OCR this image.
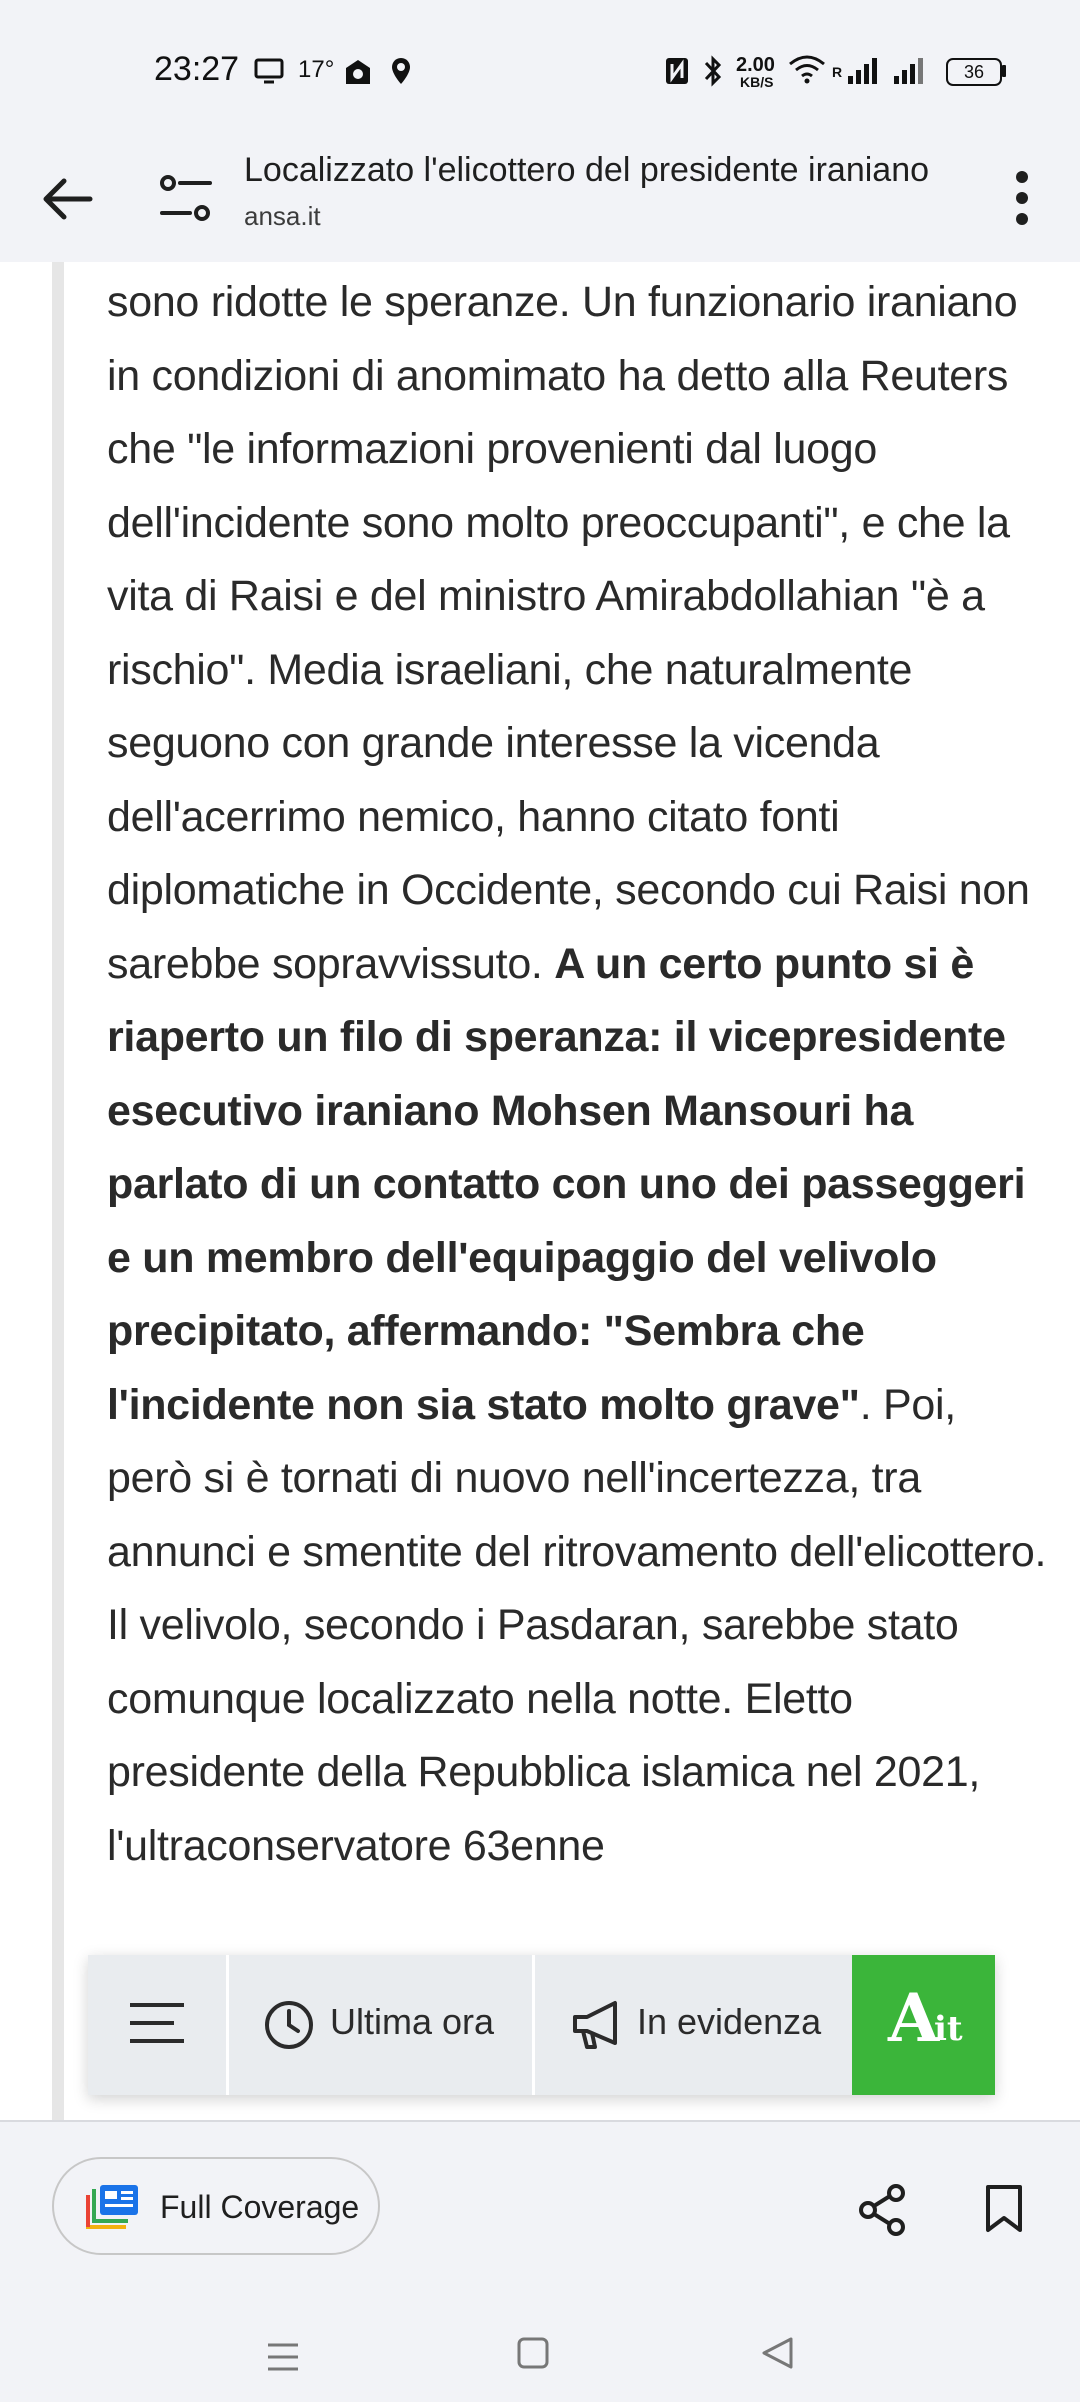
23:27 17°	2.00
KB/S
R	36
Localizzato l'elicottero del presidente iraniano
ansa.it
sono ridotte le speranze. Un funzionario iraniano in condizioni di anomimato ha detto alla Reuters che "le informazioni provenienti dal luogo dell'incidente sono molto preoccupanti", e che la vita di Raisi e del ministro Amirabdollahian "è a rischio". Media israeliani, che naturalmente seguono con grande interesse la vicenda dell'acerrimo nemico, hanno citato fonti diplomatiche in Occidente, secondo cui Raisi non sarebbe sopravvissuto. A un certo punto si è riaperto un filo di speranza: il vicepresidente esecutivo iraniano Mohsen Mansouri ha parlato di un contatto con uno dei passeggeri e un membro dell'equipaggio del velivolo precipitato, affermando: "Sembra che l'incidente non sia stato molto grave". Poi, però si è tornati di nuovo nell'incertezza, tra annunci e smentite del ritrovamento dell'elicottero. Il velivolo, secondo i Pasdaran, sarebbe stato comunque localizzato nella notte. Eletto presidente della Repubblica islamica nel 2021, l'ultraconservatore 63enne
Ultima ora	In evidenza A
it
Full Coverage
